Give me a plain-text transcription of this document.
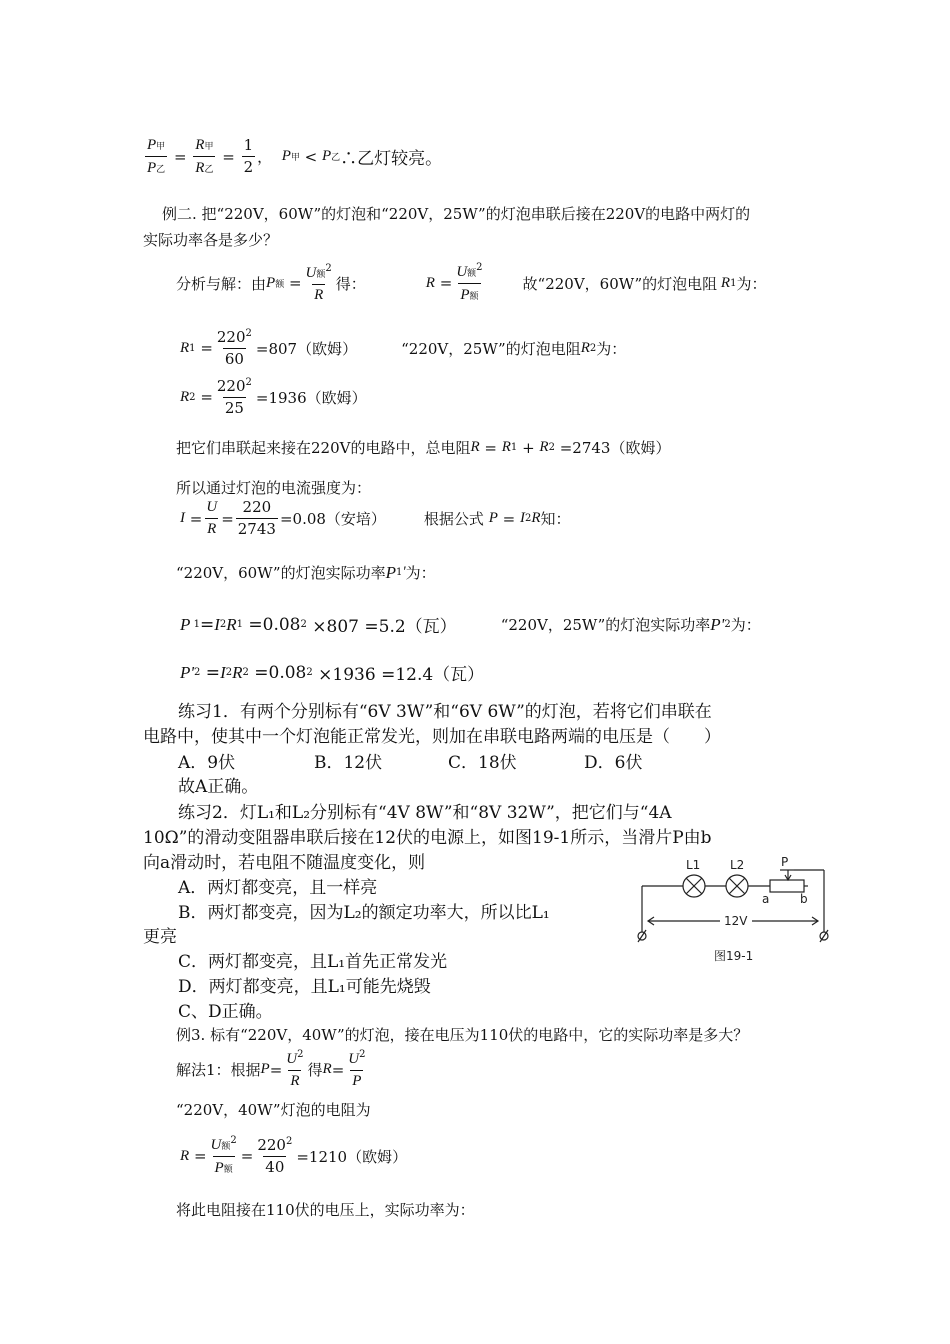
$\frac{\text{P甲}}{\text{P乙}} = \frac{\text{R甲}}{\text{R乙}} = \frac{1}{2}$ ， P 甲 < P 乙 ∴乙灯较亮。
例二. 把“220V，60W”的灯泡和“220V，25W”的灯泡串联后接在220V的电路中两灯的
实际功率各是多少？
分析与解：由 P 额 = $\frac{U额^2}{R}$ 得：	$R = \frac{U额^2}{\text{P额}}$	故“220V，60W”的灯泡电阻
R 1 为：
R $1 = \frac{220^2}{60} =807$（欧姆）	“220V，25W”的灯泡电阻 R 2 为：
R $2 = \frac{220^2}{25} =1936$（欧姆）
把它们串联起来接在220V的电路中，总电阻 R = R 1 + R 2
=2743（欧姆）
所以通过灯泡的电流强度为：
$I = \frac{U}{R} = \frac{220}{2743} =0.08$（安培）	根据公式
P = I 2 R 知：
“220V，60W”的灯泡实际功率 P 1 ' 为：
P 1 = I 2 R 1
=0.08 2
×807 =5.2（瓦）	“220V，25W”的灯泡实际功率 P ' 2 为：
P ' 2 = I 2 R 2
=0.08 2
×1936 =12.4（瓦）
练习1．有两个分别标有“6V 3W”和“6V 6W”的灯泡，若将它们串联在
电路中，使其中一个灯泡能正常发光，则加在串联电路两端的电压是（　　）
A．9伏	B．12伏	C．18伏	D．6伏
故A正确。
练习2．灯L₁和L₂分别标有“4V 8W”和“8V 32W”，把它们与“4A
10Ω”的滑动变阻器串联后接在12伏的电源上，如图19-1所示，当滑片P由b
向a滑动时，若电阻不随温度变化，则
A．两灯都变亮，且一样亮
B．两灯都变亮，因为L₂的额定功率大，所以比L₁
更亮
C．两灯都变亮，且L₁首先正常发光
D．两灯都变亮，且L₁可能先烧毁
C、D正确。
L1 L2	P
a	b
12V
图19-1
例3. 标有“220V，40W”的灯泡，接在电压为110伏的电路中，它的实际功率是多大？
解法1：根据 $P = \frac{U^2}{R}$ 得 $R = \frac{U^2}{P}$
“220V，40W”灯泡的电阻为
$R = \frac{U额^2}{\text{P额}} = \frac{220^2}{40} =1210$（欧姆）
将此电阻接在110伏的电压上，实际功率为：
